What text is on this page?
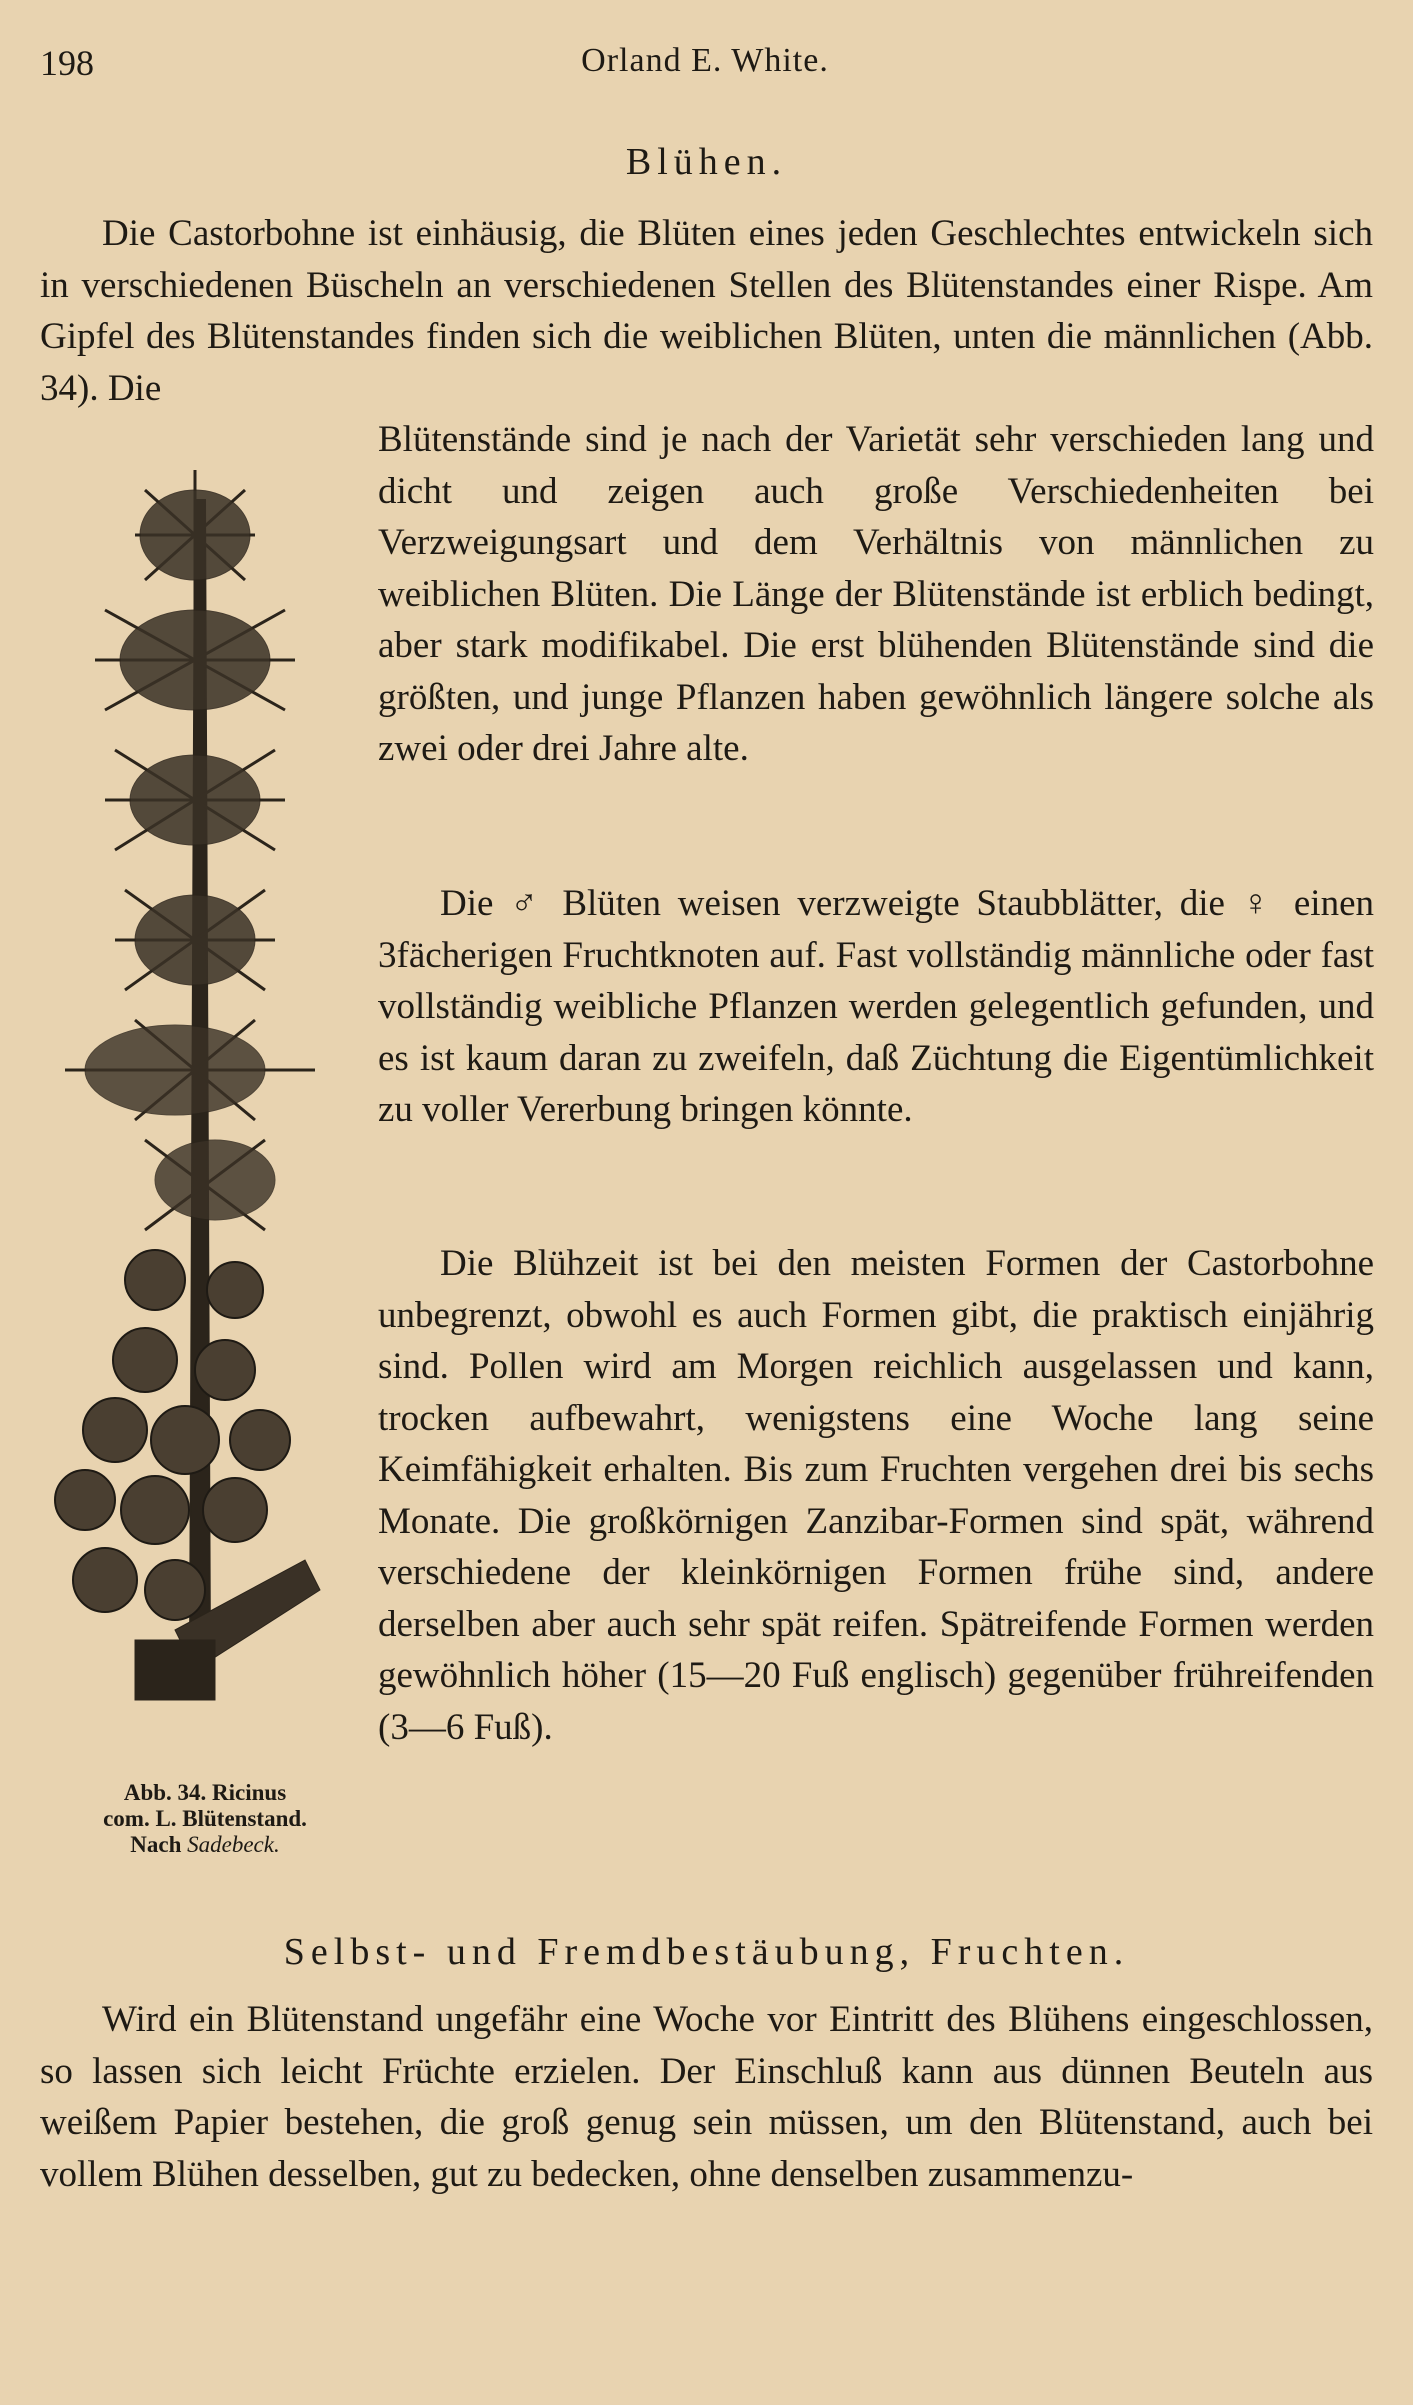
198	Orland E. White.
Blühen.

Die Castorbohne ist einhäusig, die Blüten eines jeden Geschlechtes entwickeln sich in verschiedenen Büscheln an verschiedenen Stellen des Blütenstandes einer Rispe. Am Gipfel des Blütenstandes finden sich die weiblichen Blüten, unten die männlichen (Abb. 34). Die

Blütenstände sind je nach der Varietät sehr verschieden lang und dicht und zeigen auch große Verschiedenheiten bei Verzweigungsart und dem Verhältnis von männlichen zu weiblichen Blüten. Die Länge der Blütenstände ist erblich bedingt, aber stark modifikabel. Die erst blühenden Blütenstände sind die größten, und junge Pflanzen haben gewöhnlich längere solche als zwei oder drei Jahre alte.

Die ♂ Blüten weisen verzweigte Staubblätter, die ♀ einen 3fächerigen Fruchtknoten auf. Fast vollständig männliche oder fast vollständig weibliche Pflanzen werden gelegentlich gefunden, und es ist kaum daran zu zweifeln, daß Züchtung die Eigentümlichkeit zu voller Vererbung bringen könnte.

Die Blühzeit ist bei den meisten Formen der Castorbohne unbegrenzt, obwohl es auch Formen gibt, die praktisch einjährig sind. Pollen wird am Morgen reichlich ausgelassen und kann, trocken aufbewahrt, wenigstens eine Woche lang seine Keimfähigkeit erhalten. Bis zum Fruchten vergehen drei bis sechs Monate. Die großkörnigen Zanzibar-Formen sind spät, während verschiedene der kleinkörnigen Formen frühe sind, andere derselben aber auch sehr spät reifen. Spätreifende Formen werden gewöhnlich höher (15—20 Fuß englisch) gegenüber frühreifenden (3—6 Fuß).

Abb. 34. Ricinus
com. L. Blütenstand.
Nach Sadebeck.
Selbst- und Fremdbestäubung, Fruchten.

Wird ein Blütenstand ungefähr eine Woche vor Eintritt des Blühens eingeschlossen, so lassen sich leicht Früchte erzielen. Der Einschluß kann aus dünnen Beuteln aus weißem Papier bestehen, die groß genug sein müssen, um den Blütenstand, auch bei vollem Blühen desselben, gut zu bedecken, ohne denselben zusammenzu-
